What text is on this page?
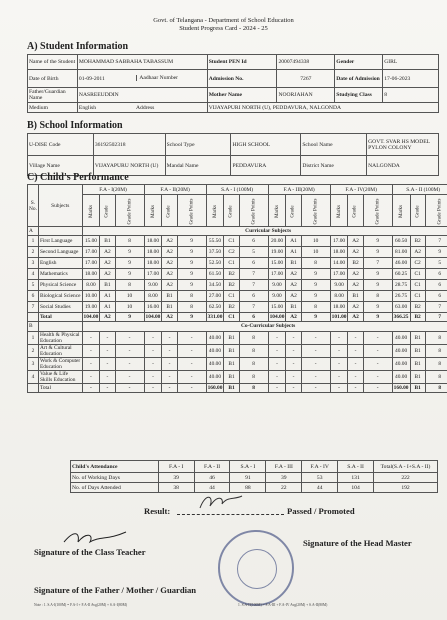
Govt. of Telangana - Department of School Education
Student Progress Card - 2024 - 25
A) Student Information
Name of the Student	MOHAMMAD SABBAHA TABASSUM	Student PEN Id	20007494338	Gender	GIRL
Date of Birth	01-09-2011 Aadhaar Number	Admission No.	7267	Date of Admission	17-06-2023
Father/Guardian Name	NASREEUDDIN	Mother Name	NOORJAHAN	Studying Class	8
Medium	English Address	VIJAYAPURI NORTH (U), PEDDAVURA, NALGONDA			
B) School Information
U-DISE Code	36192502318	School Type	HIGH SCHOOL	School Name	GOVT. SVAR HS MODEL PYLON COLONY
Village Name	VIJAYAPURU NORTH (U)	Mandal Name	PEDDAVURA	District Name	NALGONDA
C) Child's Performance
S. No.	Subjects	F.A - I(20M)			F.A - II(20M)			S.A - I (100M)			F.A - III(20M)			F.A - IV(20M)			S.A - II (100M)		
		Marks	Grade	Grade Points	Marks	Grade	Grade Points	Marks	Grade	Grade Points	Marks	Grade	Grade Points	Marks	Grade	Grade Points	Marks	Grade	Grade Points
A		Curricular Subjects																	
1	First Language	15.00	B1	8	18.00	A2	9	55.50	C1	6	20.00	A1	10	17.00	A2	9	60.50	B2	7
2	Second Language	17.00	A2	9	18.00	A2	9	37.50	C2	5	19.00	A1	10	18.00	A2	9	81.00	A2	9
3	English	17.00	A2	9	18.00	A2	9	52.50	C1	6	15.00	B1	8	14.00	B2	7	46.00	C2	5
4	Mathematics	18.00	A2	9	17.00	A2	9	61.50	B2	7	17.00	A2	9	17.00	A2	9	60.25	C1	6
5	Physical Science	8.00	B1	8	9.00	A2	9	34.50	B2	7	9.00	A2	9	9.00	A2	9	28.75	C1	6
6	Biological Science	10.00	A1	10	8.00	B1	8	27.00	C1	6	9.00	A2	9	8.00	B1	8	26.75	C1	6
7	Social Studies	19.00	A1	10	16.00	B1	8	62.50	B2	7	15.00	B1	8	18.00	A2	9	63.00	B2	7
	Total	104.00	A2	9	104.00	A2	9	331.00	C1	6	104.00	A2	9	101.00	A2	9	366.25	B2	7
B		Co-Curricular Subjects																	
1	Health & Physical Education	-	-	-	-	-	-	40.00	B1	8	-	-	-	-	-	-	40.00	B1	8
2	Art & Cultural Education	-	-	-	-	-	-	40.00	B1	8	-	-	-	-	-	-	40.00	B1	8
3	Work & Computer Education	-	-	-	-	-	-	40.00	B1	8	-	-	-	-	-	-	40.00	B1	8
4	Value & Life Skills Education	-	-	-	-	-	-	40.00	B1	8	-	-	-	-	-	-	40.00	B1	8
	Total	-	-	-	-	-	-	160.00	B1	8	-	-	-	-	-	-	160.00	B1	8
Child's Attendance	F.A - I	F.A - II	S.A - I	F.A - III	F.A - IV	S.A - II	Total(S.A - I+S.A - II)
No. of Working Days	39	46	91	39	53	131	222
No. of Days Attended	38	44	88	22	44	104	192
Result:	Passed / Promoted
Signature of the Class Teacher
Signature of the Head Master
Signature of the Father / Mother / Guardian
Note : 1. S.A-I(100M) = F.A-I + F.A-II Avg(20M) + S.A-I(80M)	1. S.A-II(100M) = F.A-III + F.A-IV Avg(20M) + S.A-II(80M)
